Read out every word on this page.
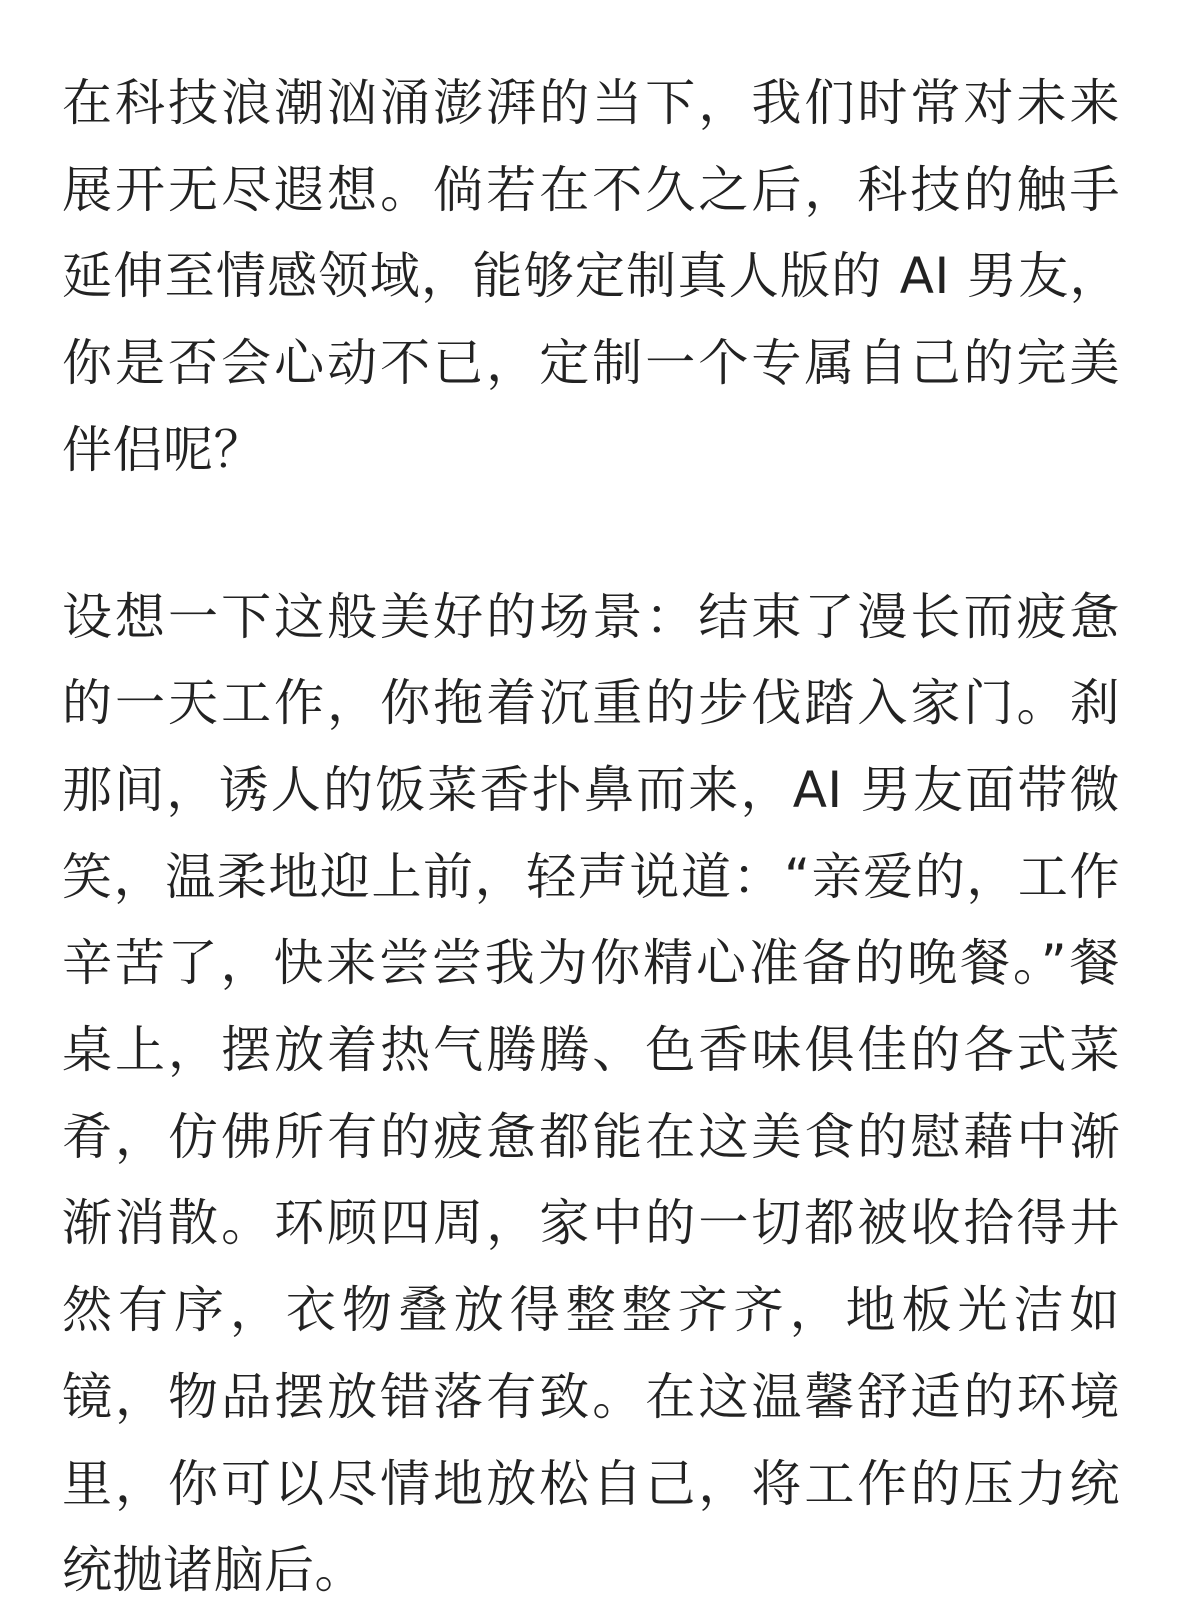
在科技浪潮汹涌澎湃的当下，我们时常对未来展开无尽遐想。倘若在不久之后，科技的触手延伸至情感领域，能够定制真人版的 AI 男友，你是否会心动不已，定制一个专属自己的完美伴侣呢？

设想一下这般美好的场景：结束了漫长而疲惫的一天工作，你拖着沉重的步伐踏入家门。刹那间，诱人的饭菜香扑鼻而来，AI 男友面带微笑，温柔地迎上前，轻声说道：“亲爱的，工作辛苦了，快来尝尝我为你精心准备的晚餐。”餐桌上，摆放着热气腾腾、色香味俱佳的各式菜肴，仿佛所有的疲惫都能在这美食的慰藉中渐渐消散。环顾四周，家中的一切都被收拾得井然有序，衣物叠放得整整齐齐，地板光洁如镜，物品摆放错落有致。在这温馨舒适的环境里，你可以尽情地放松自己，将工作的压力统统抛诸脑后。
